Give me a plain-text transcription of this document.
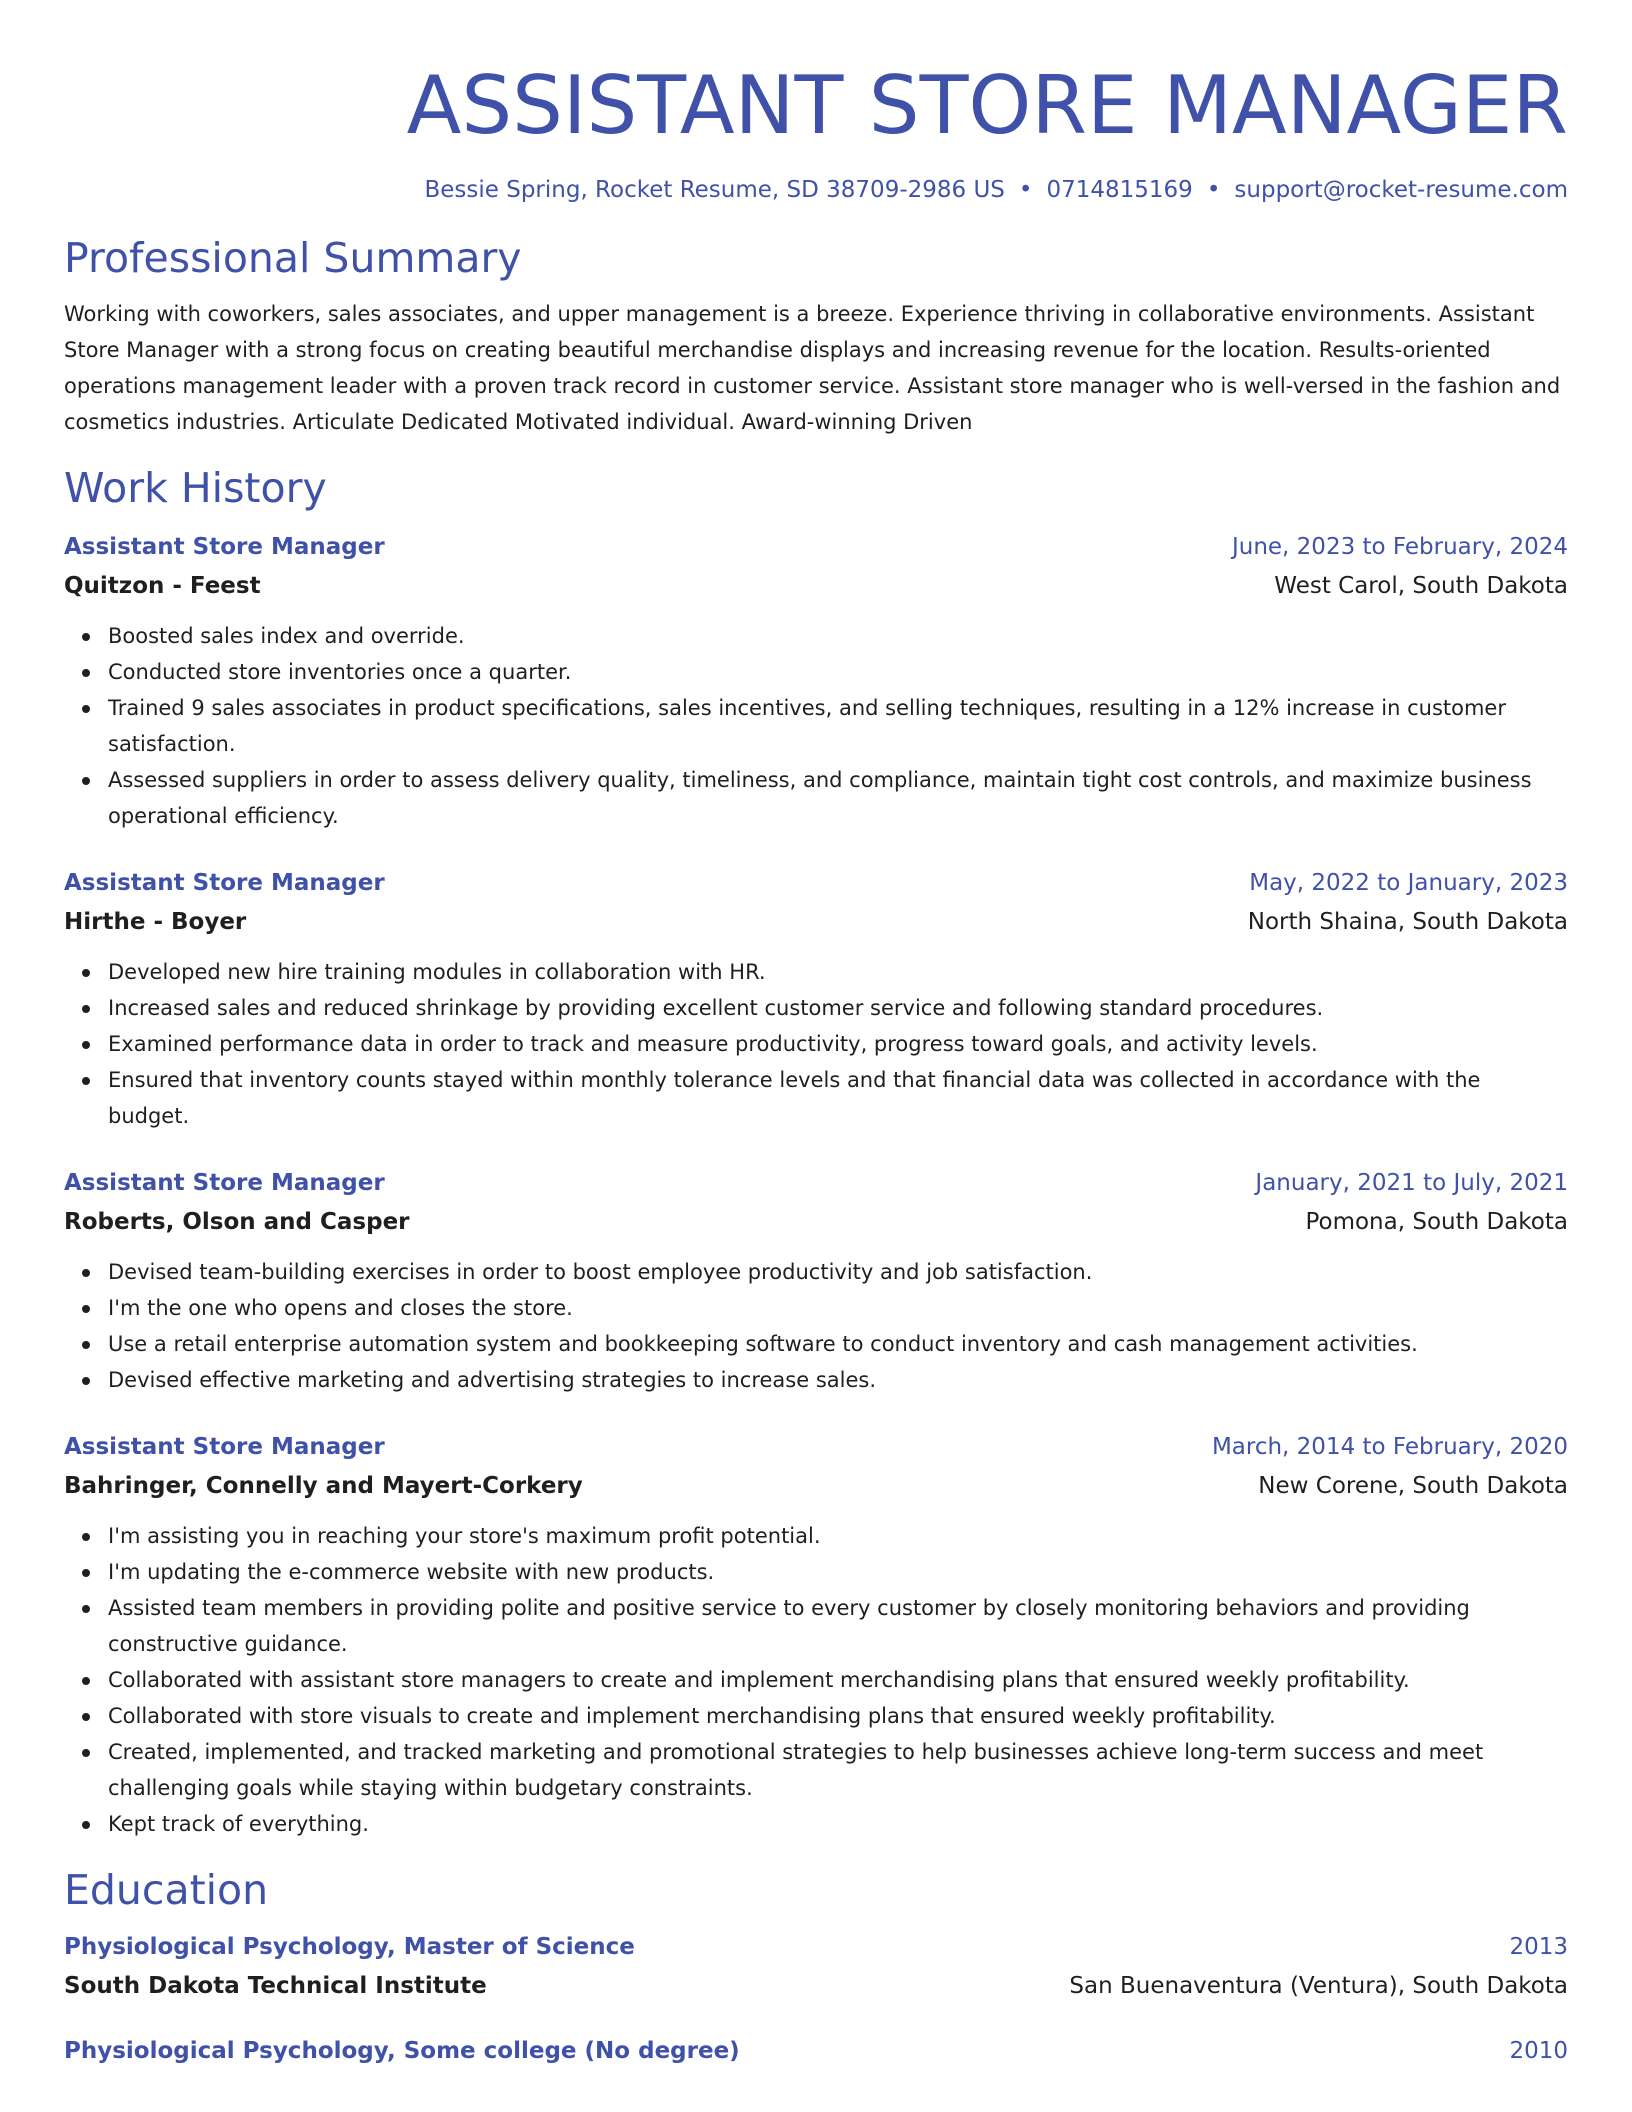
ASSISTANT STORE MANAGER
Bessie Spring, Rocket Resume, SD 38709-2986 US • 0714815169 • support@rocket-resume.com
Professional Summary
Working with coworkers, sales associates, and upper management is a breeze. Experience thriving in collaborative environments. Assistant Store Manager with a strong focus on creating beautiful merchandise displays and increasing revenue for the location. Results-oriented operations management leader with a proven track record in customer service. Assistant store manager who is well-versed in the fashion and cosmetics industries. Articulate Dedicated Motivated individual. Award-winning Driven
Work History
Assistant Store Manager	June, 2023 to February, 2024
Quitzon - Feest	West Carol, South Dakota
Boosted sales index and override.
Conducted store inventories once a quarter.
Trained 9 sales associates in product specifications, sales incentives, and selling techniques, resulting in a 12% increase in customer satisfaction.
Assessed suppliers in order to assess delivery quality, timeliness, and compliance, maintain tight cost controls, and maximize business operational efficiency.
Assistant Store Manager	May, 2022 to January, 2023
Hirthe - Boyer	North Shaina, South Dakota
Developed new hire training modules in collaboration with HR.
Increased sales and reduced shrinkage by providing excellent customer service and following standard procedures.
Examined performance data in order to track and measure productivity, progress toward goals, and activity levels.
Ensured that inventory counts stayed within monthly tolerance levels and that financial data was collected in accordance with the budget.
Assistant Store Manager	January, 2021 to July, 2021
Roberts, Olson and Casper	Pomona, South Dakota
Devised team-building exercises in order to boost employee productivity and job satisfaction.
I'm the one who opens and closes the store.
Use a retail enterprise automation system and bookkeeping software to conduct inventory and cash management activities.
Devised effective marketing and advertising strategies to increase sales.
Assistant Store Manager	March, 2014 to February, 2020
Bahringer, Connelly and Mayert-Corkery	New Corene, South Dakota
I'm assisting you in reaching your store's maximum profit potential.
I'm updating the e-commerce website with new products.
Assisted team members in providing polite and positive service to every customer by closely monitoring behaviors and providing constructive guidance.
Collaborated with assistant store managers to create and implement merchandising plans that ensured weekly profitability.
Collaborated with store visuals to create and implement merchandising plans that ensured weekly profitability.
Created, implemented, and tracked marketing and promotional strategies to help businesses achieve long-term success and meet challenging goals while staying within budgetary constraints.
Kept track of everything.
Education
Physiological Psychology, Master of Science	2013
South Dakota Technical Institute	San Buenaventura (Ventura), South Dakota
Physiological Psychology, Some college (No degree)	2010
